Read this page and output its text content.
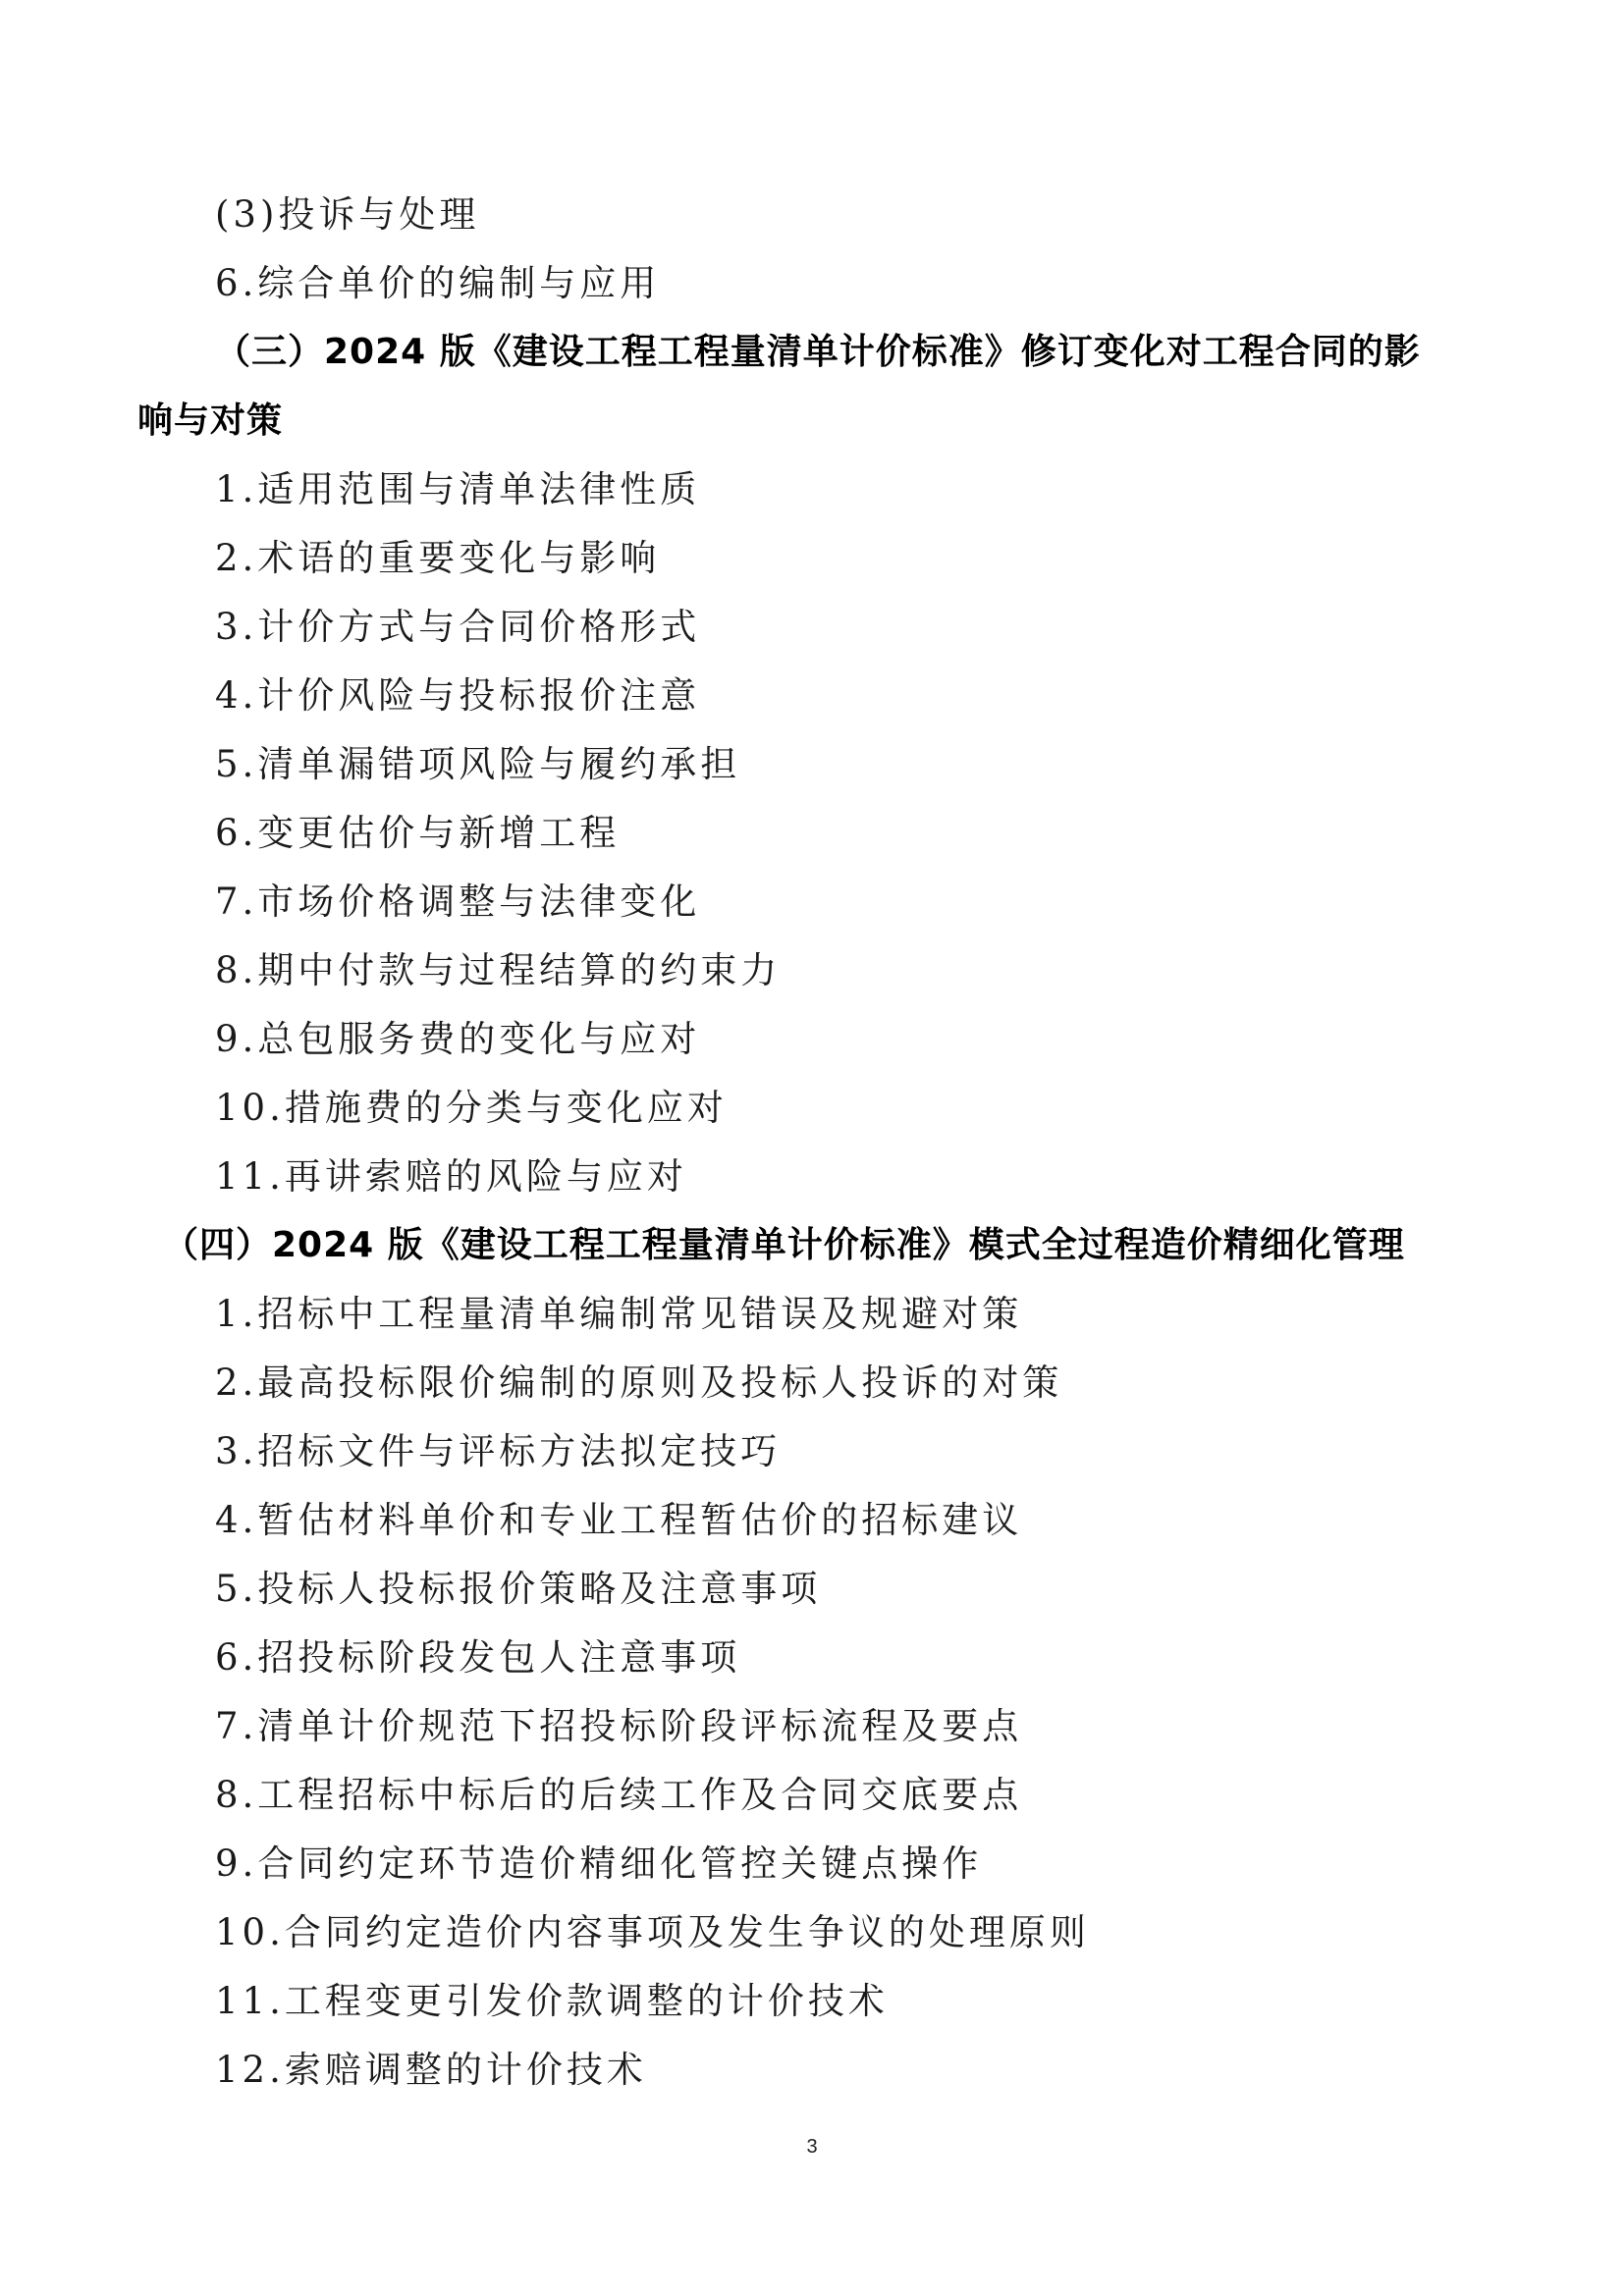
(3)投诉与处理
6.综合单价的编制与应用
（三）2024 版《建设工程工程量清单计价标准》修订变化对工程合同的影
响与对策
1.适用范围与清单法律性质
2.术语的重要变化与影响
3.计价方式与合同价格形式
4.计价风险与投标报价注意
5.清单漏错项风险与履约承担
6.变更估价与新增工程
7.市场价格调整与法律变化
8.期中付款与过程结算的约束力
9.总包服务费的变化与应对
10.措施费的分类与变化应对
11.再讲索赔的风险与应对
（四）2024 版《建设工程工程量清单计价标准》模式全过程造价精细化管理
1.招标中工程量清单编制常见错误及规避对策
2.最高投标限价编制的原则及投标人投诉的对策
3.招标文件与评标方法拟定技巧
4.暂估材料单价和专业工程暂估价的招标建议
5.投标人投标报价策略及注意事项
6.招投标阶段发包人注意事项
7.清单计价规范下招投标阶段评标流程及要点
8.工程招标中标后的后续工作及合同交底要点
9.合同约定环节造价精细化管控关键点操作
10.合同约定造价内容事项及发生争议的处理原则
11.工程变更引发价款调整的计价技术
12.索赔调整的计价技术
3
